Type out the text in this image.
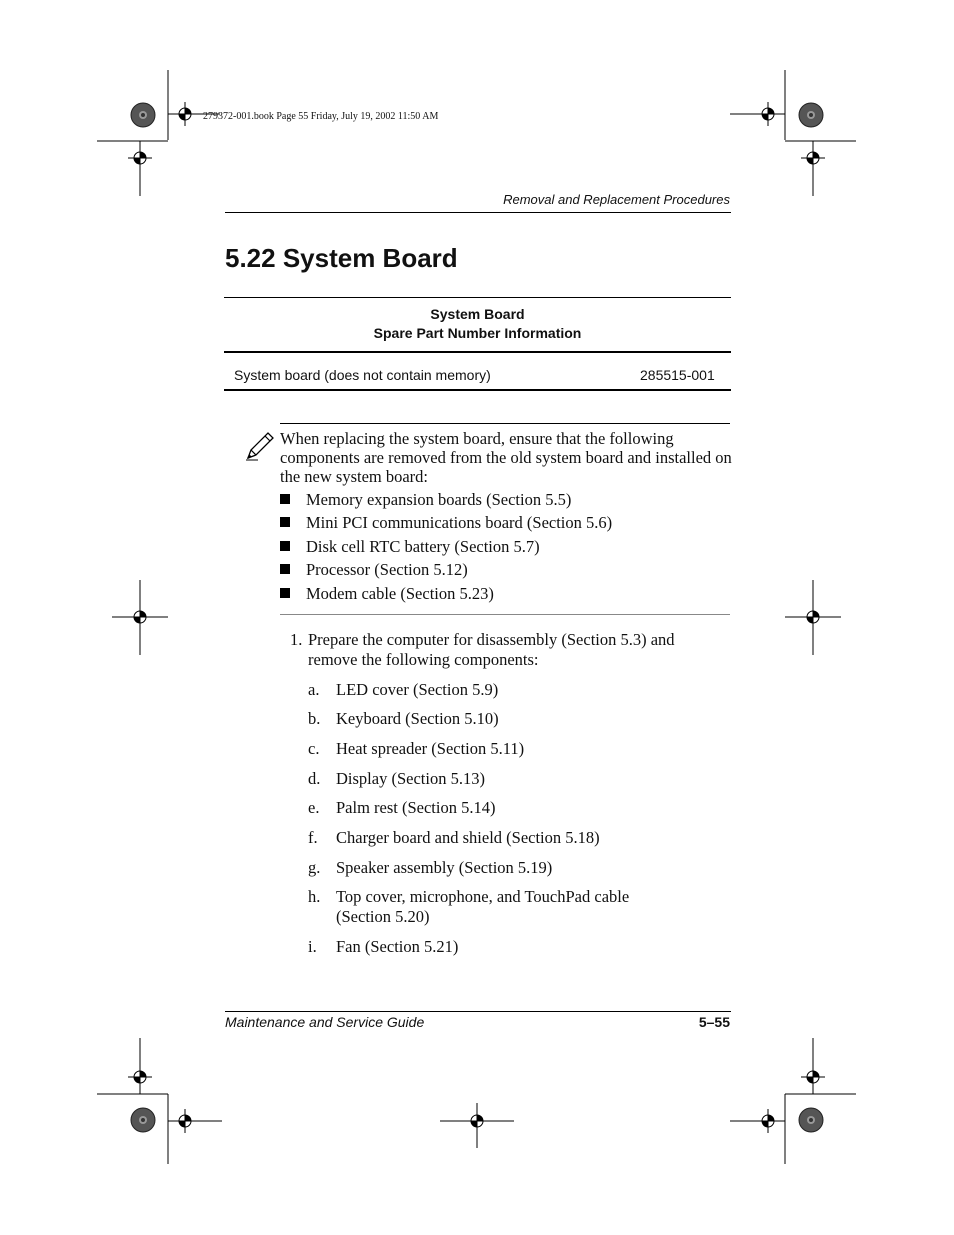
279372-001.book Page 55 Friday, July 19, 2002 11:50 AM
Removal and Replacement Procedures
5.22 System Board
System Board
Spare Part Number Information
System board (does not contain memory)	285515-001
When replacing the system board, ensure that the following components are removed from the old system board and installed on the new system board:
Memory expansion boards (Section 5.5)
Mini PCI communications board (Section 5.6)
Disk cell RTC battery (Section 5.7)
Processor (Section 5.12)
Modem cable (Section 5.23)
1. Prepare the computer for disassembly (Section 5.3) and remove the following components:
a.	LED cover (Section 5.9)
b. Keyboard (Section 5.10)
c.	Heat spreader (Section 5.11)
d. Display (Section 5.13)
e.	Palm rest (Section 5.14)
f.	Charger board and shield (Section 5.18)
g. Speaker assembly (Section 5.19)
h. Top cover, microphone, and TouchPad cable (Section 5.20)
i.	Fan (Section 5.21)
Maintenance and Service Guide	5–55
